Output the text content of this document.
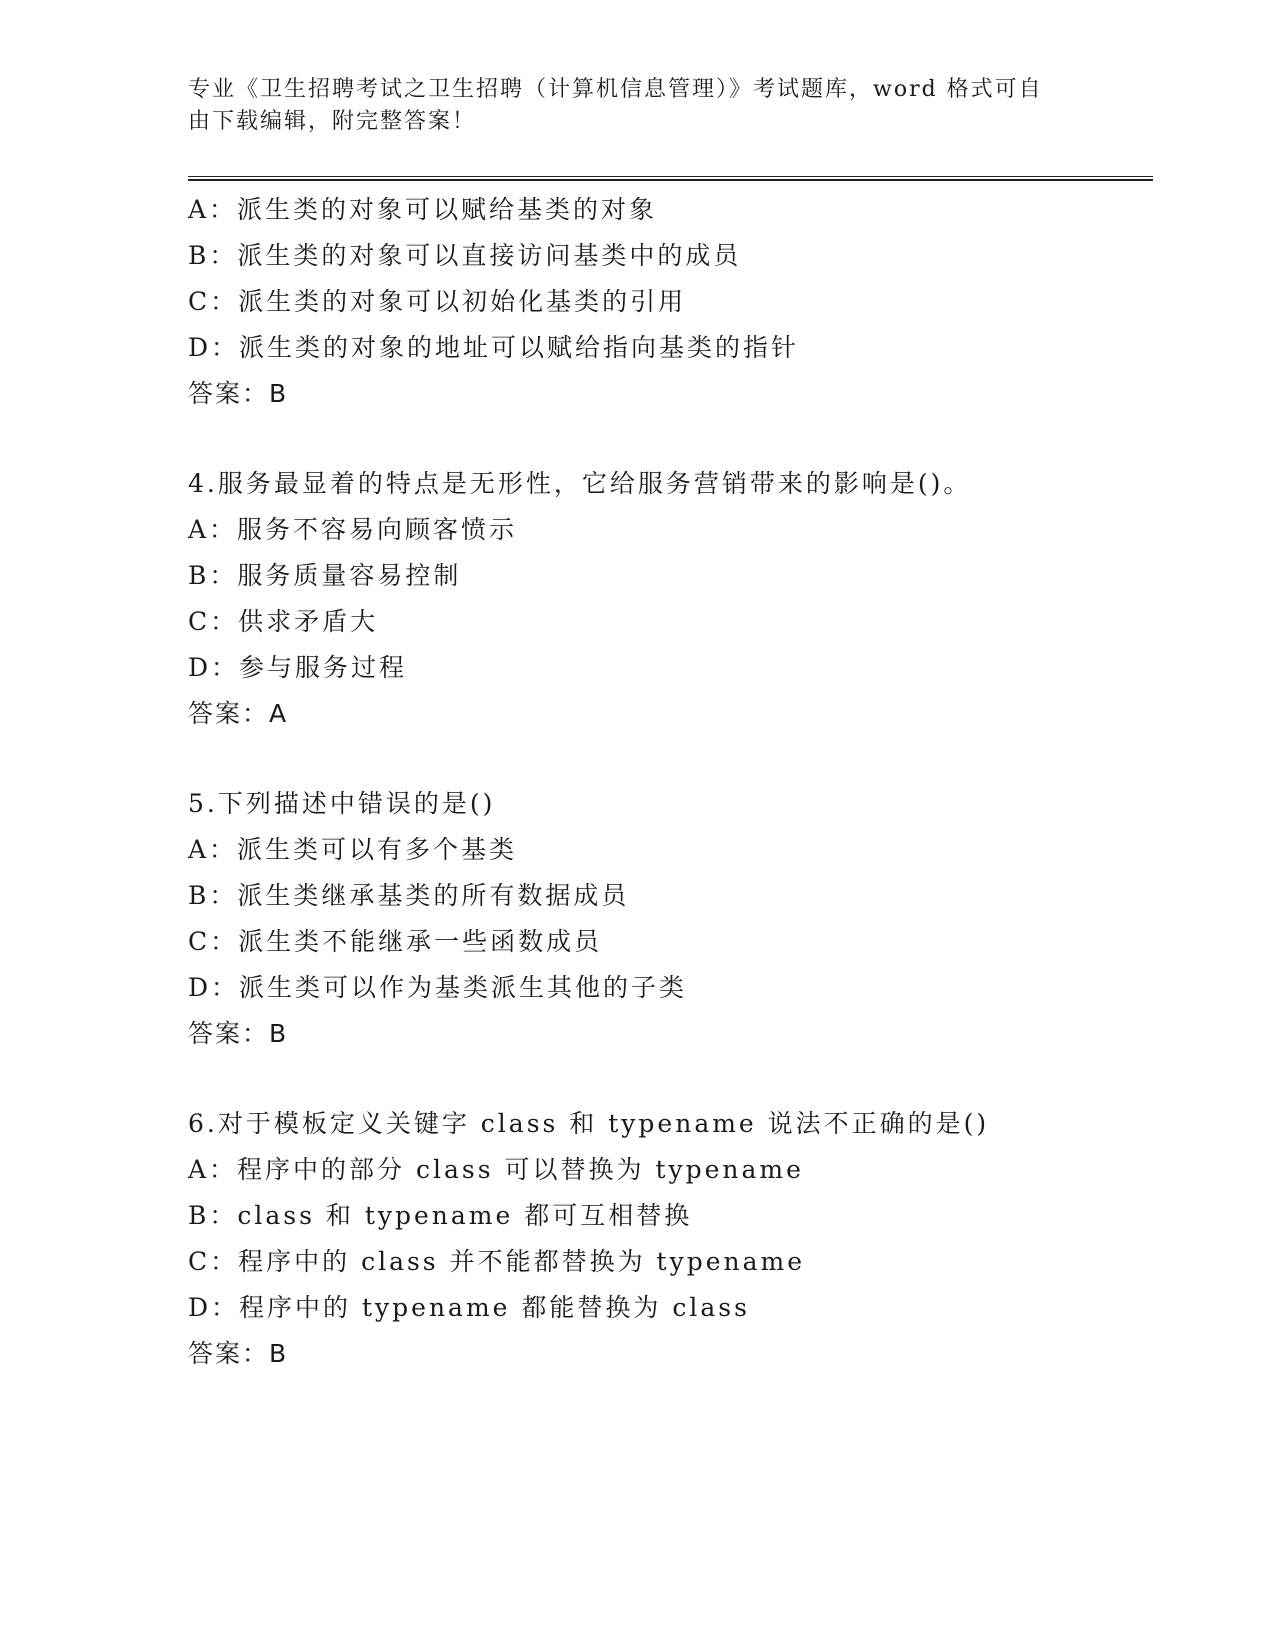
专业《卫生招聘考试之卫生招聘（计算机信息管理）》考试题库，word 格式可自
由下载编辑，附完整答案！
A：派生类的对象可以赋给基类的对象
B：派生类的对象可以直接访问基类中的成员
C：派生类的对象可以初始化基类的引用
D：派生类的对象的地址可以赋给指向基类的指针
答案：B
4.服务最显着的特点是无形性，它给服务营销带来的影响是()。
A：服务不容易向顾客愤示
B：服务质量容易控制
C：供求矛盾大
D：参与服务过程
答案：A
5.下列描述中错误的是()
A：派生类可以有多个基类
B：派生类继承基类的所有数据成员
C：派生类不能继承一些函数成员
D：派生类可以作为基类派生其他的子类
答案：B
6.对于模板定义关键字 class 和 typename 说法不正确的是()
A：程序中的部分 class 可以替换为 typename
B：class 和 typename 都可互相替换
C：程序中的 class 并不能都替换为 typename
D：程序中的 typename 都能替换为 class
答案：B
